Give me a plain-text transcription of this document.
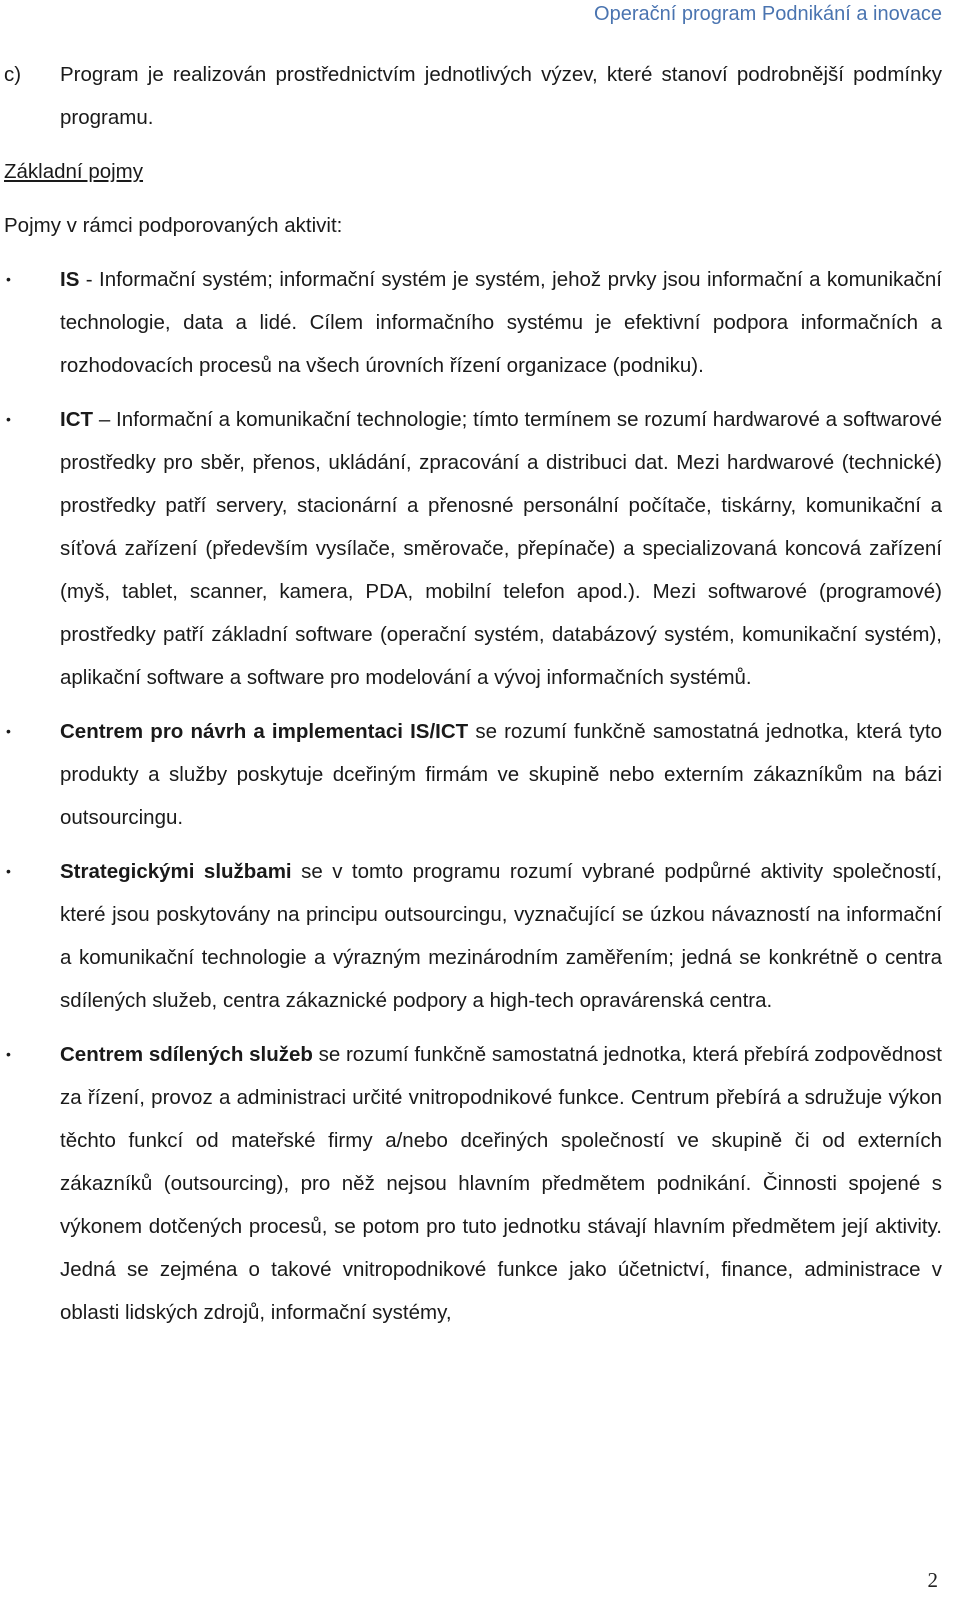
Operační program Podnikání a inovace
c)	Program je realizován prostřednictvím jednotlivých výzev, které stanoví podrobnější podmínky programu.
Základní pojmy
Pojmy v rámci podporovaných aktivit:
•	IS - Informační systém; informační systém je systém, jehož prvky jsou informační a komunikační technologie, data a lidé. Cílem informačního systému je efektivní podpora informačních a rozhodovacích procesů na všech úrovních řízení organizace (podniku).
•	ICT – Informační a komunikační technologie; tímto termínem se rozumí hardwarové a softwarové prostředky pro sběr, přenos, ukládání, zpracování a distribuci dat. Mezi hardwarové (technické) prostředky patří servery, stacionární a přenosné personální počítače, tiskárny, komunikační a síťová zařízení (především vysílače, směrovače, přepínače) a specializovaná koncová zařízení (myš, tablet, scanner, kamera, PDA, mobilní telefon apod.). Mezi softwarové (programové) prostředky patří základní software (operační systém, databázový systém, komunikační systém), aplikační software a software pro modelování a vývoj informačních systémů.
•	Centrem pro návrh a implementaci IS/ICT se rozumí funkčně samostatná jednotka, která tyto produkty a služby poskytuje dceřiným firmám ve skupině nebo externím zákazníkům na bázi outsourcingu.
•	Strategickými službami se v tomto programu rozumí vybrané podpůrné aktivity společností, které jsou poskytovány na principu outsourcingu, vyznačující se úzkou návazností na informační a komunikační technologie a výrazným mezinárodním zaměřením; jedná se konkrétně o centra sdílených služeb, centra zákaznické podpory a high-tech opravárenská centra.
•	Centrem sdílených služeb se rozumí funkčně samostatná jednotka, která přebírá zodpovědnost za řízení, provoz a administraci určité vnitropodnikové funkce. Centrum přebírá a sdružuje výkon těchto funkcí od mateřské firmy a/nebo dceřiných společností ve skupině či od externích zákazníků (outsourcing), pro něž nejsou hlavním předmětem podnikání. Činnosti spojené s výkonem dotčených procesů, se potom pro tuto jednotku stávají hlavním předmětem její aktivity. Jedná se zejména o takové vnitropodnikové funkce jako účetnictví, finance, administrace v oblasti lidských zdrojů, informační systémy,
2
